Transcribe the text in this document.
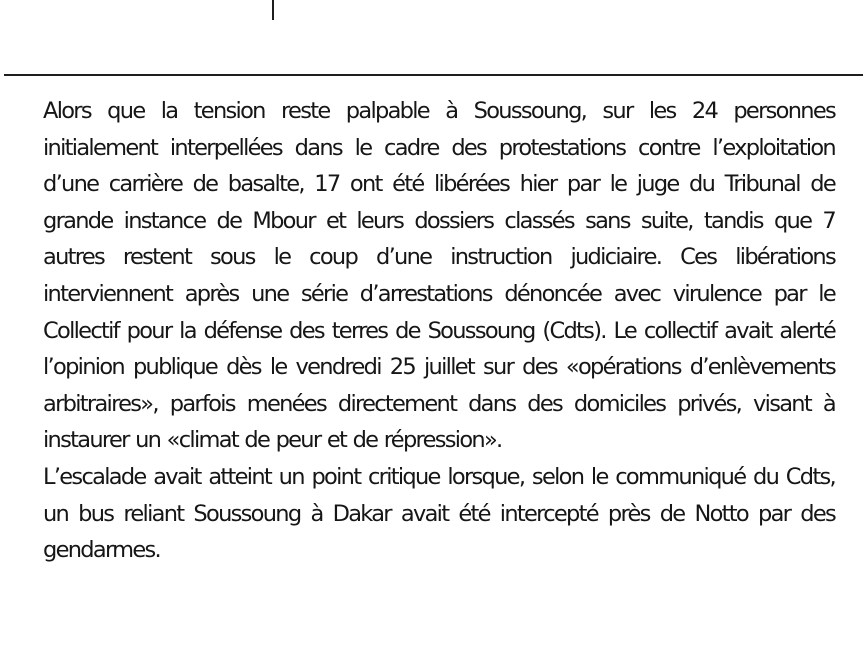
Alors que la tension reste palpable à Soussoung, sur les 24 personnes initialement interpellées dans le cadre des protestations contre l’exploitation d’une carrière de basalte, 17 ont été libérées hier par le juge du Tribunal de grande instance de Mbour et leurs dossiers classés sans suite, tandis que 7 autres restent sous le coup d’une instruction judiciaire. Ces libérations interviennent après une série d’arrestations dénoncée avec virulence par le Collectif pour la défense des terres de Soussoung (Cdts). Le collectif avait alerté l’opinion publique dès le vendredi 25 juillet sur des «opérations d’enlèvements arbitraires», parfois menées directement dans des domiciles privés, visant à instaurer un «climat de peur et de répression».

L’escalade avait atteint un point critique lorsque, selon le communiqué du Cdts, un bus reliant Soussoung à Dakar avait été intercepté près de Notto par des gendarmes.
